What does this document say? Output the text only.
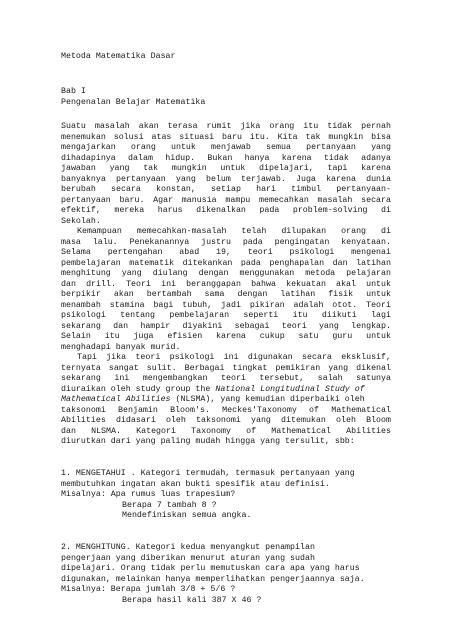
Metoda Matematika Dasar
Bab I
Pengenalan Belajar Matematika
Suatu masalah akan terasa rumit jika orang itu tidak pernah
menemukan solusi atas situasi baru itu. Kita tak mungkin bisa
mengajarkan orang untuk menjawab semua pertanyaan yang
dihadapinya dalam hidup. Bukan hanya karena tidak adanya
jawaban yang tak mungkin untuk dipelajari, tapi karena
banyaknya pertanyaan yang belum terjawab. Juga karena dunia
berubah secara konstan, setiap hari timbul pertanyaan-
pertanyaan baru. Agar manusia mampu memecahkan masalah secara
efektif, mereka harus dikenalkan pada problem-solving di
Sekolah.
Kemampuan memecahkan-masalah telah dilupakan orang di
masa lalu. Penekanannya justru pada pengingatan kenyataan.
Selama pertengahan abad 19, teori psikologi mengenai
pembelajaran matematik ditekankan pada penghapalan dan latihan
menghitung yang diulang dengan menggunakan metoda pelajaran
dan drill. Teori ini beranggapan bahwa kekuatan akal untuk
berpikir akan bertambah sama dengan latihan fisik untuk
menambah stamina bagi tubuh, jadi pikiran adalah otot. Teori
psikologi tentang pembelajaran seperti itu diikuti lagi
sekarang dan hampir diyakini sebagai teori yang lengkap.
Selain itu juga efisien karena cukup satu guru untuk
menghadapi banyak murid.
Tapi jika teori psikologi ini digunakan secara eksklusif,
ternyata sangat sulit. Berbagai tingkat pemikiran yang dikenal
sekarang ini mengembangkan teori tersebut, salah satunya
diuraikan oleh study group the National Longitudinal Study of
Mathematical Abilities (NLSMA), yang kemudian diperbaiki oleh
taksonomi Benjamin Bloom's. Meckes'Taxonomy of Mathematical
Abilities didasari oleh taksonomi yang ditemukan oleh Bloom
dan NLSMA. Kategori Taxonomy of Mathematical Abilities
diurutkan dari yang paling mudah hingga yang tersulit, sbb:
1. MENGETAHUI . Kategori termudah, termasuk pertanyaan yang
membutuhkan ingatan akan bukti spesifik atau definisi.
Misalnya: Apa rumus luas trapesium?
Berapa 7 tambah 8 ?
Mendefiniskan semua angka.
2. MENGHITUNG. Kategori kedua menyangkut penampilan
pengerjaan yang diberikan menurut aturan yang sudah
dipelajari. Orang tidak perlu memutuskan cara apa yang harus
digunakan, melainkan hanya memperlihatkan pengerjaannya saja.
Misalnya: Berapa jumlah 3/8 + 5/6 ?
Berapa hasil kali 387 X 46 ?
